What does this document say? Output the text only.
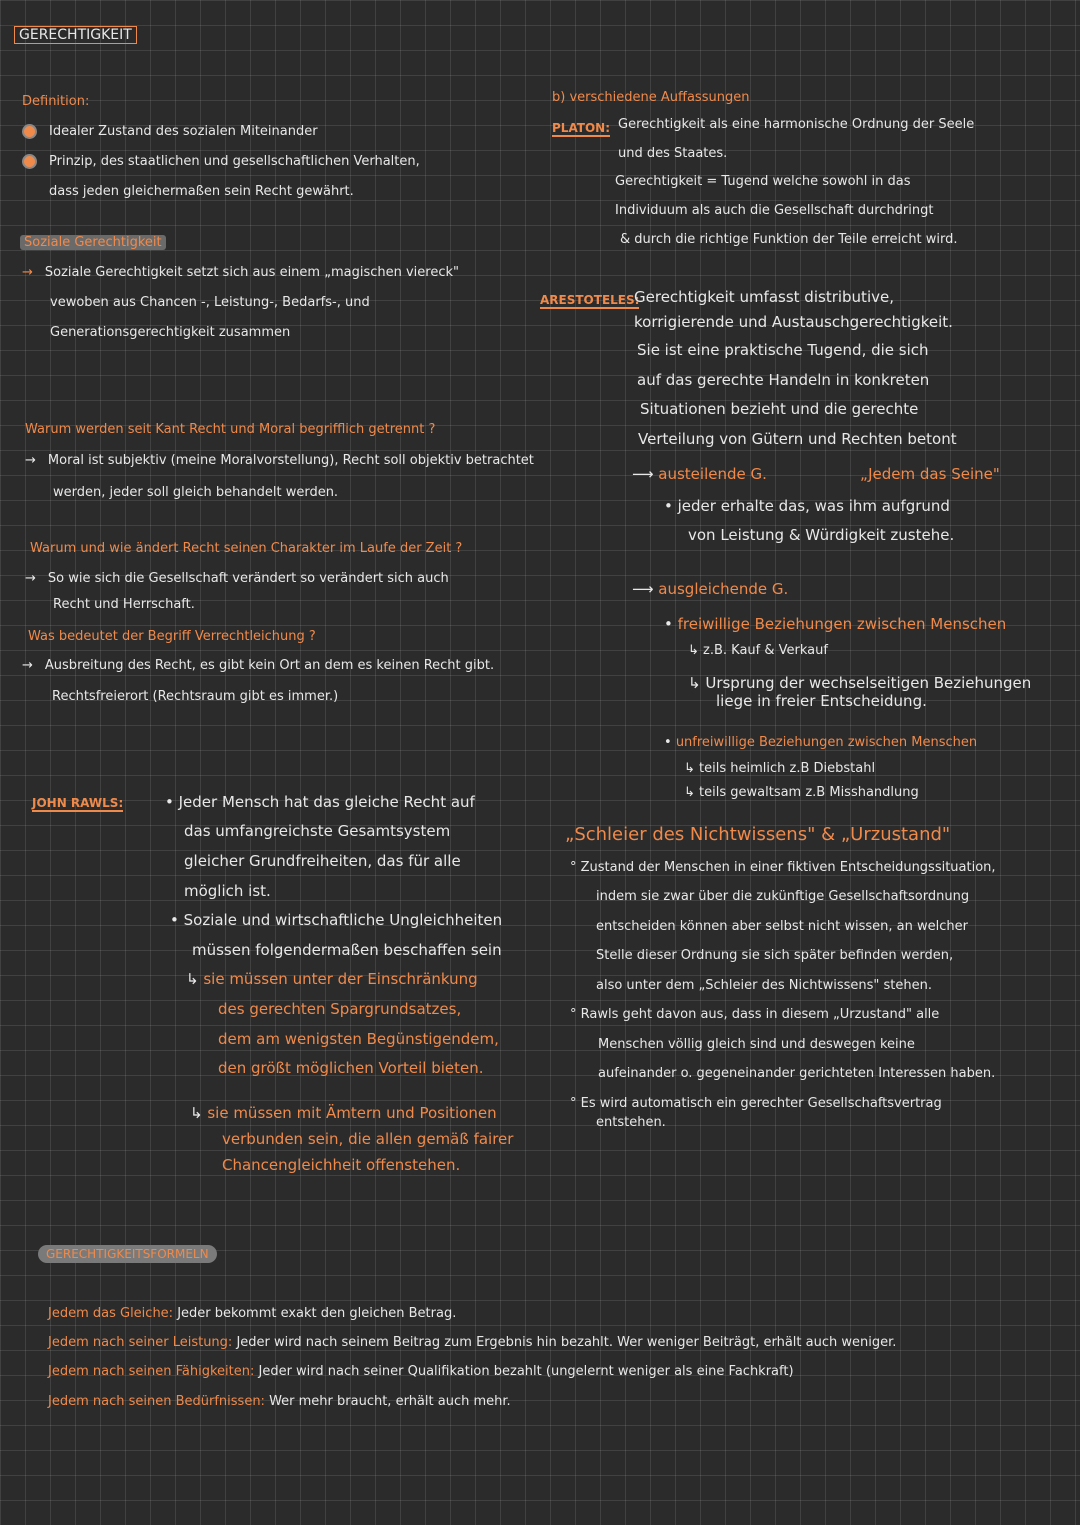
GERECHTIGKEIT
Definition:
Idealer Zustand des sozialen Miteinander
Prinzip, des staatlichen und gesellschaftlichen Verhalten,
dass jeden gleichermaßen sein Recht gewährt.
Soziale Gerechtigkeit
→ Soziale Gerechtigkeit setzt sich aus einem „magischen viereck"
vewoben aus Chancen -, Leistung-, Bedarfs-, und
Generationsgerechtigkeit zusammen
Warum werden seit Kant Recht und Moral begrifflich getrennt ?
→ Moral ist subjektiv (meine Moralvorstellung), Recht soll objektiv betrachtet
werden, jeder soll gleich behandelt werden.
Warum und wie ändert Recht seinen Charakter im Laufe der Zeit ?
→ So wie sich die Gesellschaft verändert so verändert sich auch
Recht und Herrschaft.
Was bedeutet der Begriff Verrechtleichung ?
→ Ausbreitung des Recht, es gibt kein Ort an dem es keinen Recht gibt.
Rechtsfreierort (Rechtsraum gibt es immer.)
JOHN RAWLS:	• Jeder Mensch hat das gleiche Recht auf
das umfangreichste Gesamtsystem
gleicher Grundfreiheiten, das für alle
möglich ist.
• Soziale und wirtschaftliche Ungleichheiten
müssen folgendermaßen beschaffen sein
↳ sie müssen unter der Einschränkung
des gerechten Spargrundsatzes,
dem am wenigsten Begünstigendem,
den größt möglichen Vorteil bieten.
↳ sie müssen mit Ämtern und Positionen
verbunden sein, die allen gemäß fairer
Chancengleichheit offenstehen.
b) verschiedene Auffassungen
PLATON: Gerechtigkeit als eine harmonische Ordnung der Seele
und des Staates.
Gerechtigkeit = Tugend welche sowohl in das
Individuum als auch die Gesellschaft durchdringt
& durch die richtige Funktion der Teile erreicht wird.
ARESTOTELES:
Gerechtigkeit umfasst distributive,
korrigierende und Austauschgerechtigkeit.
Sie ist eine praktische Tugend, die sich
auf das gerechte Handeln in konkreten
Situationen bezieht und die gerechte
Verteilung von Gütern und Rechten betont
⟶ austeilende G.	„Jedem das Seine"
• jeder erhalte das, was ihm aufgrund
von Leistung & Würdigkeit zustehe.
⟶ ausgleichende G.
• freiwillige Beziehungen zwischen Menschen
↳ z.B. Kauf & Verkauf
↳ Ursprung der wechselseitigen Beziehungen
liege in freier Entscheidung.
• unfreiwillige Beziehungen zwischen Menschen
↳ teils heimlich z.B Diebstahl
↳ teils gewaltsam z.B Misshandlung
„Schleier des Nichtwissens" & „Urzustand"
° Zustand der Menschen in einer fiktiven Entscheidungssituation,
indem sie zwar über die zukünftige Gesellschaftsordnung
entscheiden können aber selbst nicht wissen, an welcher
Stelle dieser Ordnung sie sich später befinden werden,
also unter dem „Schleier des Nichtwissens" stehen.
° Rawls geht davon aus, dass in diesem „Urzustand" alle
Menschen völlig gleich sind und deswegen keine
aufeinander o. gegeneinander gerichteten Interessen haben.
° Es wird automatisch ein gerechter Gesellschaftsvertrag
entstehen.
GERECHTIGKEITSFORMELN
Jedem das Gleiche: Jeder bekommt exakt den gleichen Betrag.
Jedem nach seiner Leistung: Jeder wird nach seinem Beitrag zum Ergebnis hin bezahlt. Wer weniger Beiträgt, erhält auch weniger.
Jedem nach seinen Fähigkeiten: Jeder wird nach seiner Qualifikation bezahlt (ungelernt weniger als eine Fachkraft)
Jedem nach seinen Bedürfnissen: Wer mehr braucht, erhält auch mehr.
